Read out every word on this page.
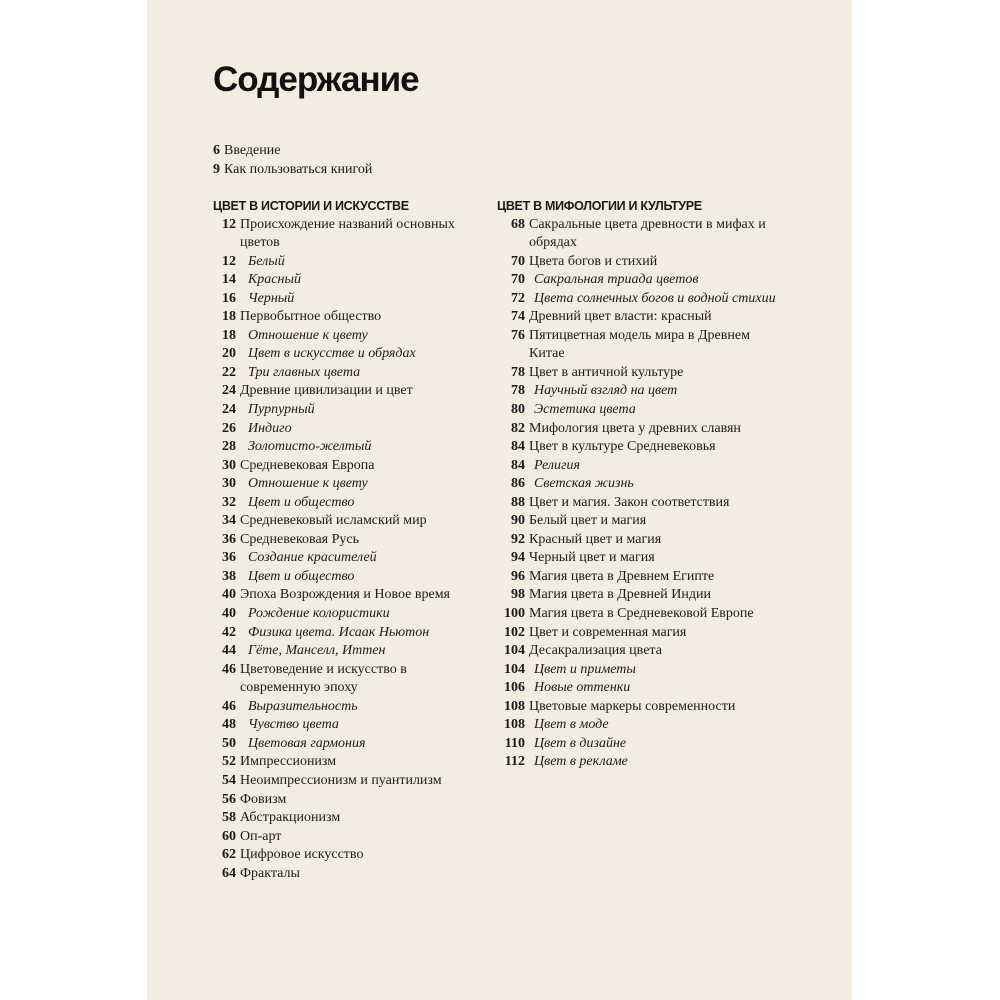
Содержание
6 Введение
9 Как пользоваться книгой
ЦВЕТ В ИСТОРИИ И ИСКУССТВЕ
12 Происхождение названий основных цветов
12 Белый
14 Красный
16 Черный
18 Первобытное общество
18 Отношение к цвету
20 Цвет в искусстве и обрядах
22 Три главных цвета
24 Древние цивилизации и цвет
24 Пурпурный
26 Индиго
28 Золотисто-желтый
30 Средневековая Европа
30 Отношение к цвету
32 Цвет и общество
34 Средневековый исламский мир
36 Средневековая Русь
36 Создание красителей
38 Цвет и общество
40 Эпоха Возрождения и Новое время
40 Рождение колористики
42 Физика цвета. Исаак Ньютон
44 Гёте, Манселл, Иттен
46 Цветоведение и искусство в современную эпоху
46 Выразительность
48 Чувство цвета
50 Цветовая гармония
52 Импрессионизм
54 Неоимпрессионизм и пуантилизм
56 Фовизм
58 Абстракционизм
60 Оп-арт
62 Цифровое искусство
64 Фракталы
ЦВЕТ В МИФОЛОГИИ И КУЛЬТУРЕ
68 Сакральные цвета древности в мифах и обрядах
70 Цвета богов и стихий
70 Сакральная триада цветов
72 Цвета солнечных богов и водной стихии
74 Древний цвет власти: красный
76 Пятицветная модель мира в Древнем Китае
78 Цвет в античной культуре
78 Научный взгляд на цвет
80 Эстетика цвета
82 Мифология цвета у древних славян
84 Цвет в культуре Средневековья
84 Религия
86 Светская жизнь
88 Цвет и магия. Закон соответствия
90 Белый цвет и магия
92 Красный цвет и магия
94 Черный цвет и магия
96 Магия цвета в Древнем Египте
98 Магия цвета в Древней Индии
100 Магия цвета в Средневековой Европе
102 Цвет и современная магия
104 Десакрализация цвета
104 Цвет и приметы
106 Новые оттенки
108 Цветовые маркеры современности
108 Цвет в моде
110 Цвет в дизайне
112 Цвет в рекламе
